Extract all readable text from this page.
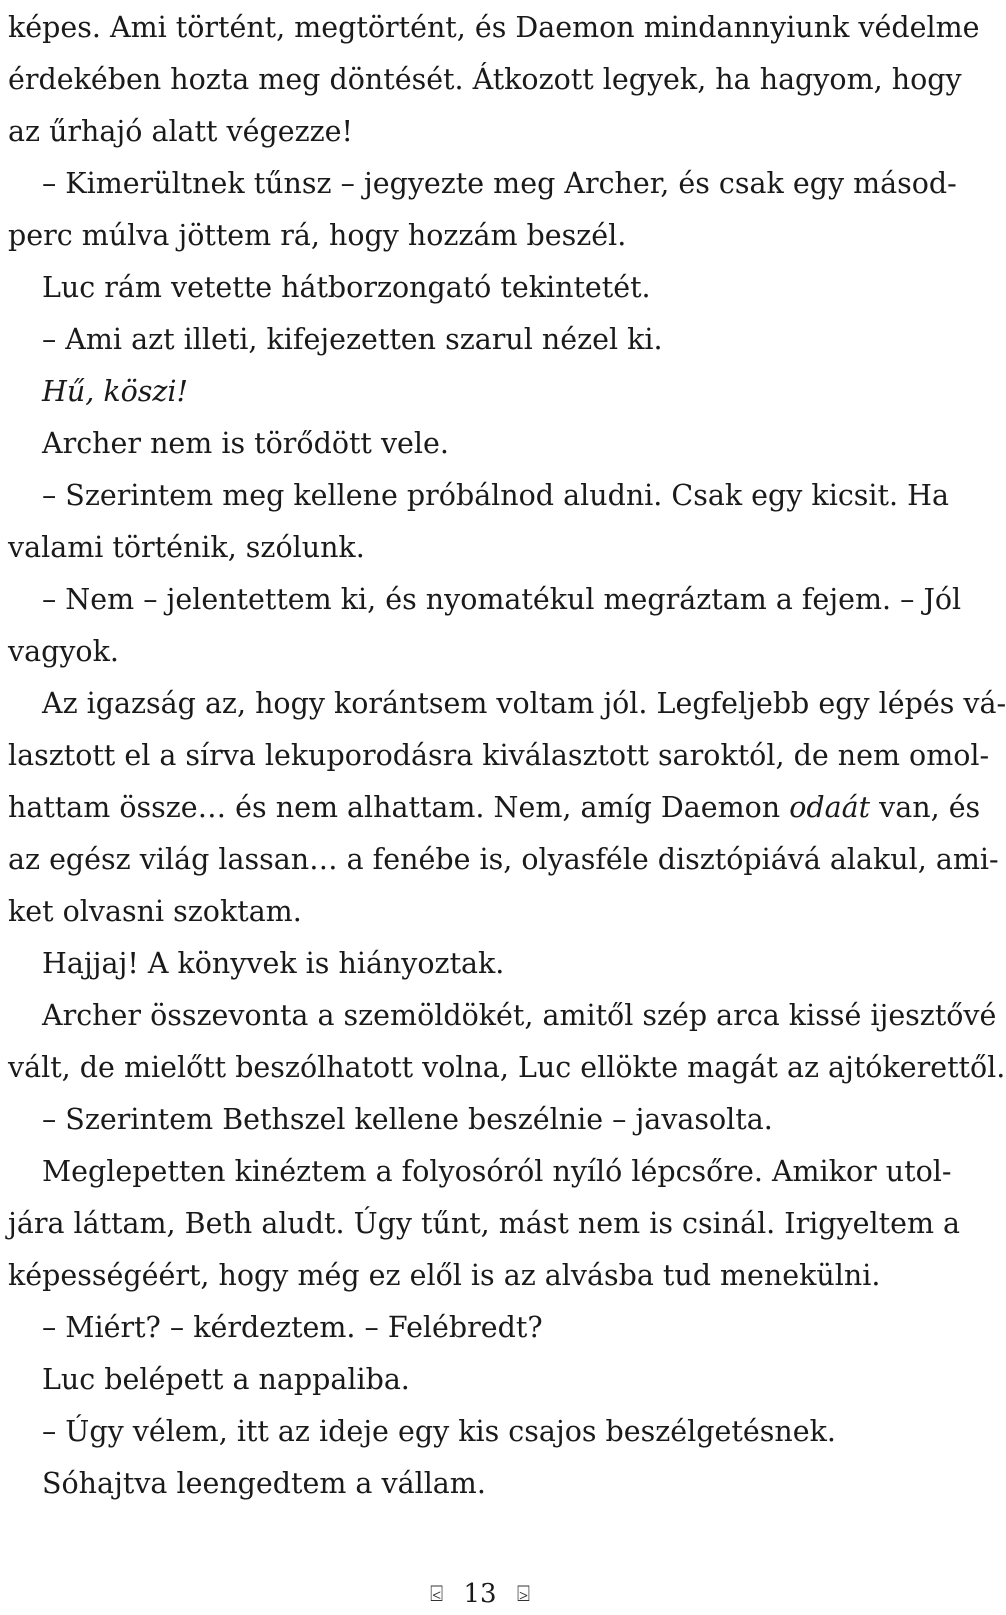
képes. Ami történt, megtörtént, és Daemon mindannyiunk védelme
érdekében hozta meg döntését. Átkozott legyek, ha hagyom, hogy
az űrhajó alatt végezze!
– Kimerültnek tűnsz – jegyezte meg Archer, és csak egy másod-
perc múlva jöttem rá, hogy hozzám beszél.
Luc rám vetette hátborzongató tekintetét.
– Ami azt illeti, kifejezetten szarul nézel ki.
Hű, köszi!
Archer nem is törődött vele.
– Szerintem meg kellene próbálnod aludni. Csak egy kicsit. Ha
valami történik, szólunk.
– Nem – jelentettem ki, és nyomatékul megráztam a fejem. – Jól
vagyok.
Az igazság az, hogy korántsem voltam jól. Legfeljebb egy lépés vá-
lasztott el a sírva lekuporodásra kiválasztott saroktól, de nem omol-
hattam össze… és nem alhattam. Nem, amíg Daemon odaát van, és
az egész világ lassan… a fenébe is, olyasféle disztópiává alakul, ami-
ket olvasni szoktam.
Hajjaj! A könyvek is hiányoztak.
Archer összevonta a szemöldökét, amitől szép arca kissé ijesztővé
vált, de mielőtt beszólhatott volna, Luc ellökte magát az ajtókerettől.
– Szerintem Bethszel kellene beszélnie – javasolta.
Meglepetten kinéztem a folyosóról nyíló lépcsőre. Amikor utol-
jára láttam, Beth aludt. Úgy tűnt, mást nem is csinál. Irigyeltem a
képességéért, hogy még ez elől is az alvásba tud menekülni.
– Miért? – kérdeztem. – Felébredt?
Luc belépett a nappaliba.
– Úgy vélem, itt az ideje egy kis csajos beszélgetésnek.
Sóhajtva leengedtem a vállam.
⍃ 13 ⍄
